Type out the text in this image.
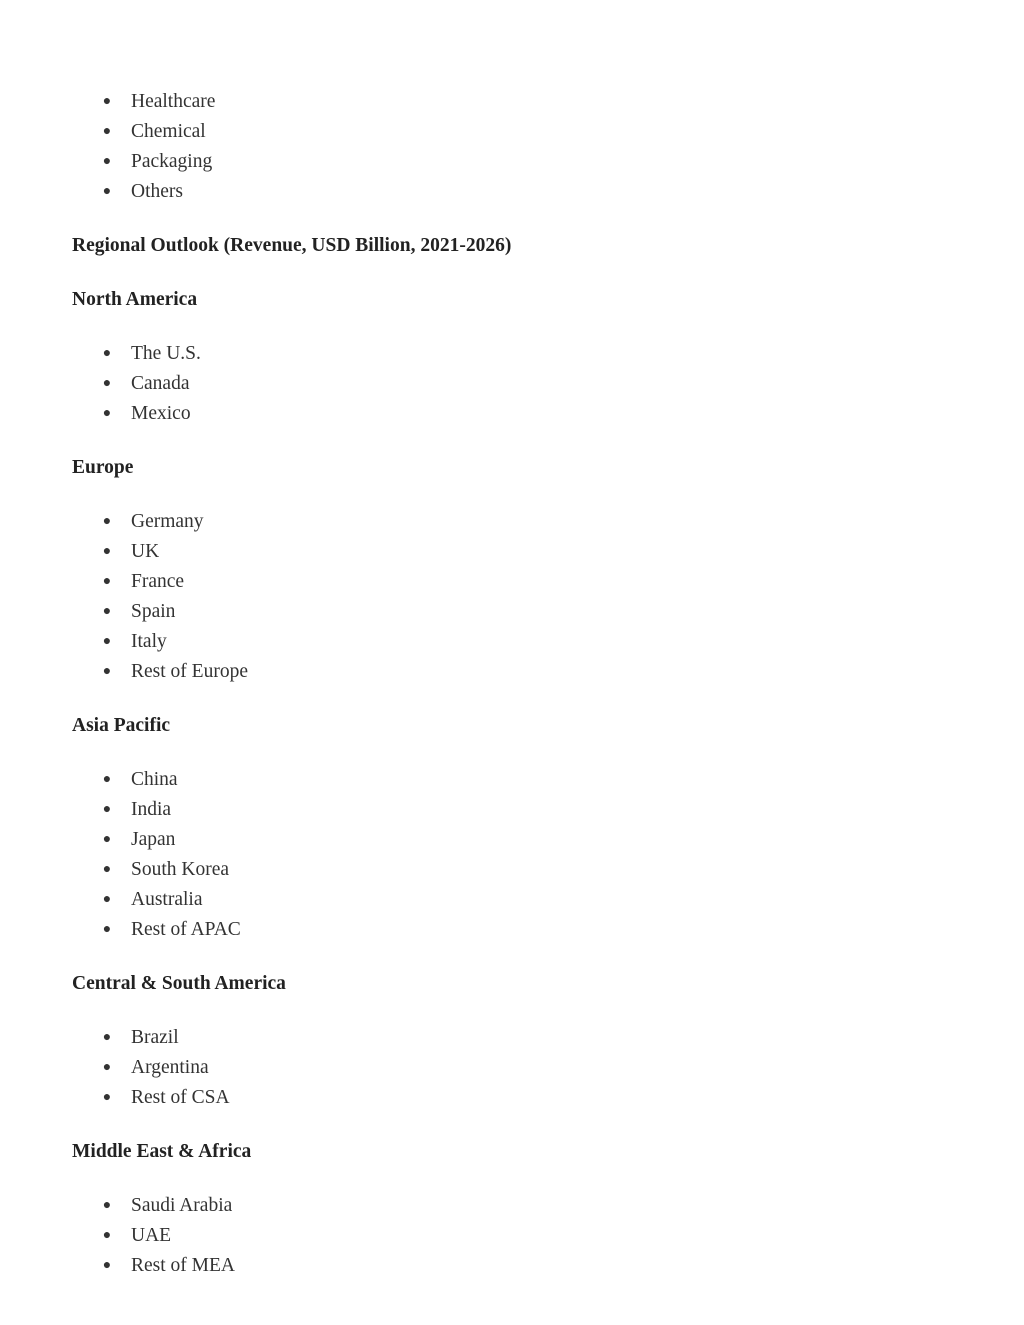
● Healthcare
● Chemical
● Packaging
● Others
Regional Outlook (Revenue, USD Billion, 2021-2026)
North America
● The U.S.
● Canada
● Mexico
Europe
● Germany
● UK
● France
● Spain
● Italy
● Rest of Europe
Asia Pacific
● China
● India
● Japan
● South Korea
● Australia
● Rest of APAC
Central & South America
● Brazil
● Argentina
● Rest of CSA
Middle East & Africa
● Saudi Arabia
● UAE
● Rest of MEA
